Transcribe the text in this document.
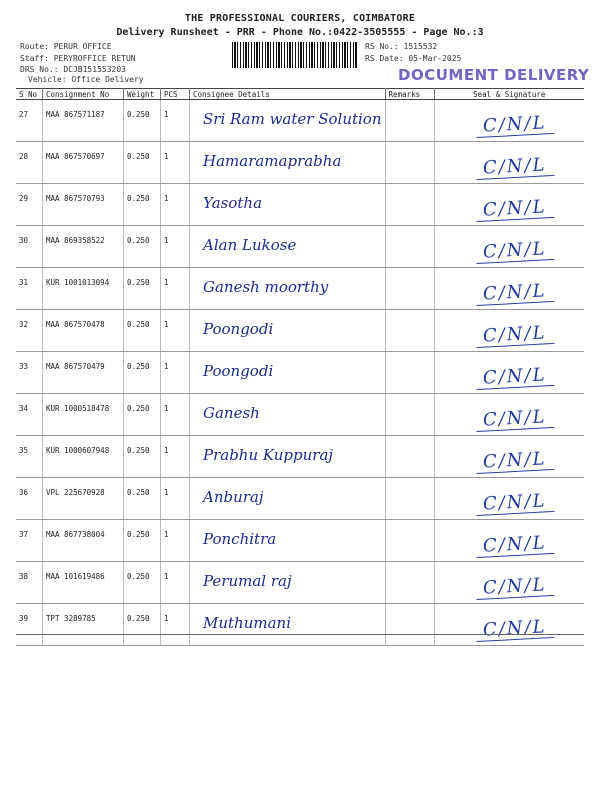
THE PROFESSIONAL COURIERS, COIMBATORE
Delivery Runsheet - PRR - Phone No.:0422-3505555 - Page No.:3
Route: PERUR OFFICE
Staff: PERYROFFICE RETUN
DRS No.: DCJB151553203
Vehicle: Office Delivery
RS No.: 1515532
RS Date: 05-Mar-2025
DOCUMENT DELIVERY
S No	Consignment No	Weight	PCS	Consignee Details	Remarks	Seal & Signature
27	MAA 867571187	0.250	1	Sri Ram water Solution		C/N/L

28	MAA 867570697	0.250	1	Hamaramaprabha		C/N/L

29	MAA 867570793	0.250	1	Yasotha		C/N/L

30	MAA 869358522	0.250	1	Alan Lukose		C/N/L

31	KUR 1001013094	0.250	1	Ganesh moorthy		C/N/L

32	MAA 867570478	0.250	1	Poongodi		C/N/L

33	MAA 867570479	0.250	1	Poongodi		C/N/L

34	KUR 1000518478	0.250	1	Ganesh		C/N/L

35	KUR 1000607948	0.250	1	Prabhu Kuppuraj		C/N/L

36	VPL 225670928	0.250	1	Anburaj		C/N/L

37	MAA 867738004	0.250	1	Ponchitra		C/N/L

38	MAA 101619486	0.250	1	Perumal raj		C/N/L

39	TPT 3289785	0.250	1	Muthumani		C/N/L
